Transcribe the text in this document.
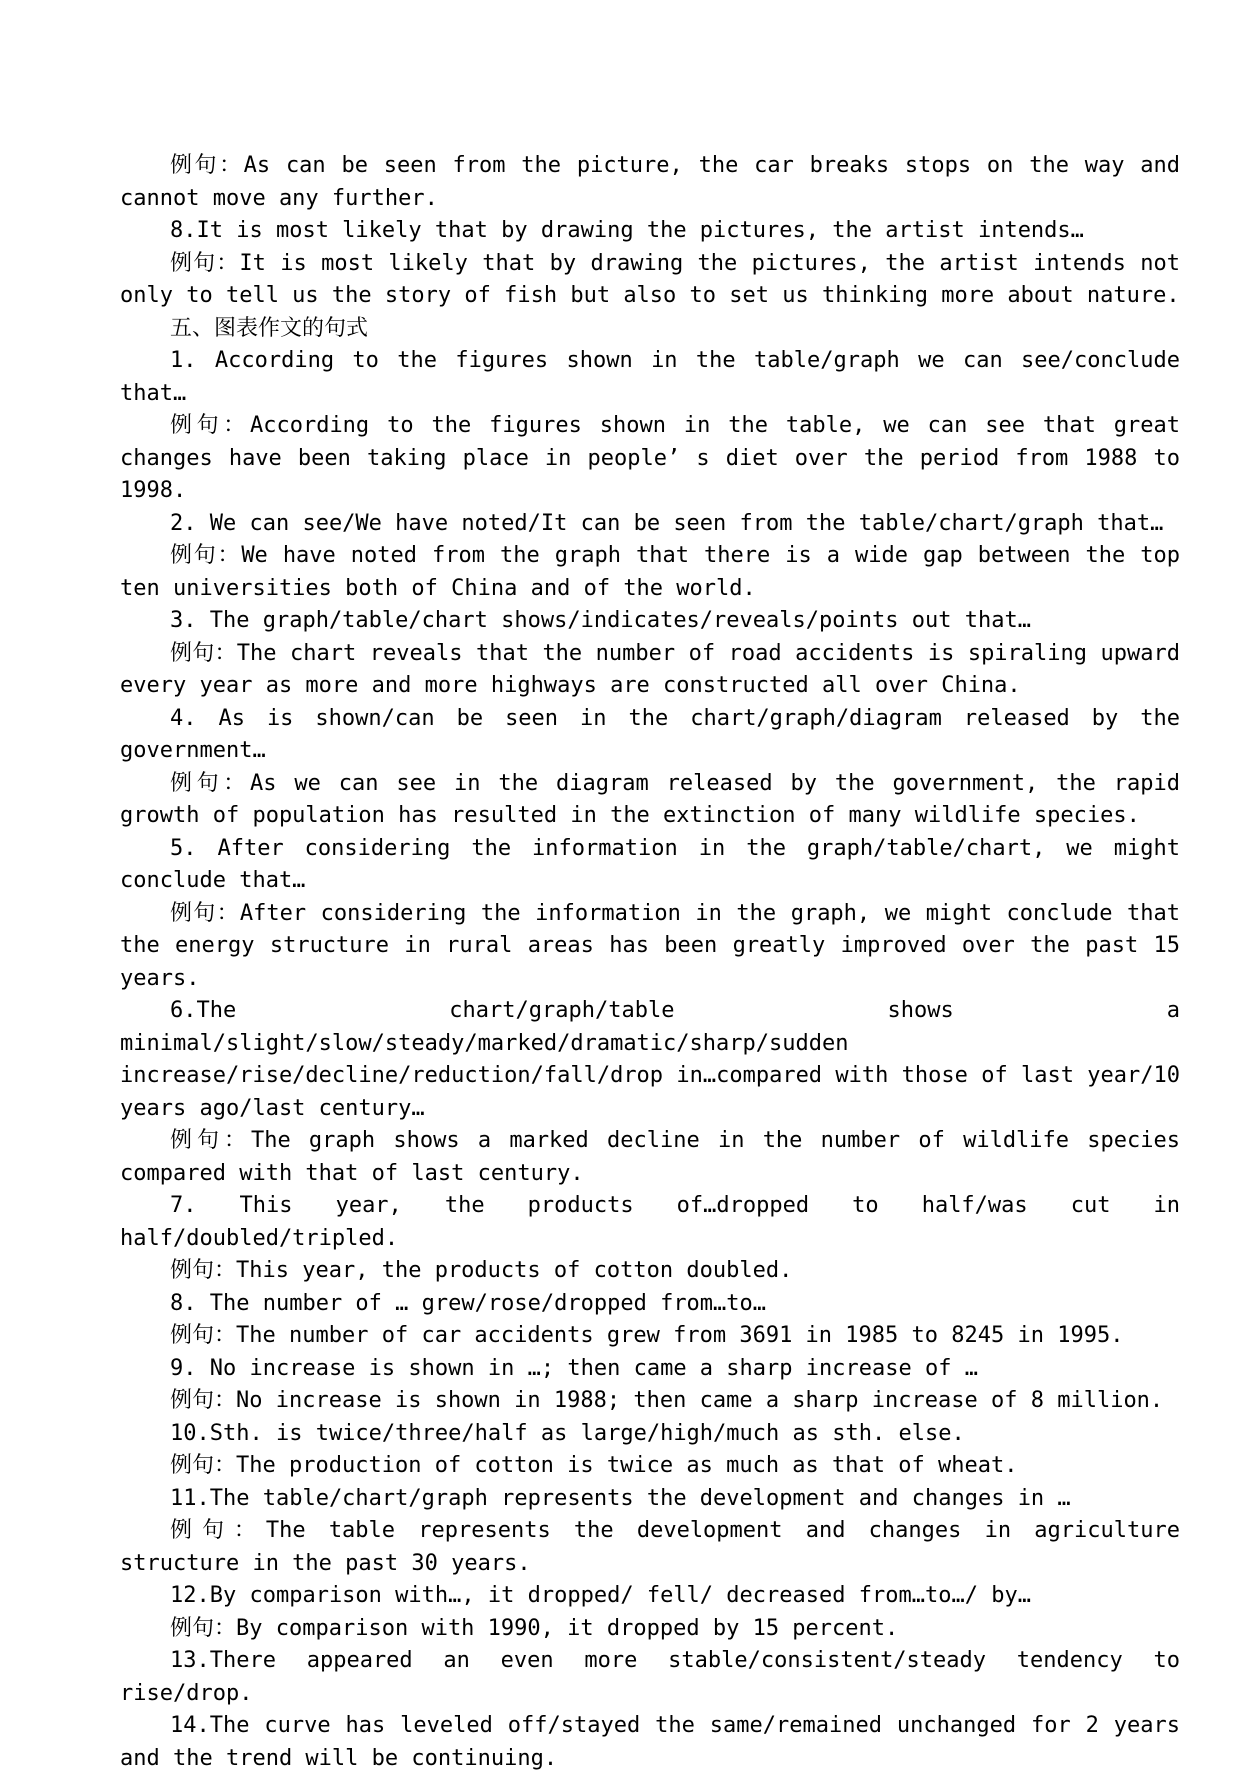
例句：As can be seen from the picture, the car breaks stops on the way and cannot move any further.

8.It is most likely that by drawing the pictures, the artist intends…

例句：It is most likely that by drawing the pictures, the artist intends not only to tell us the story of fish but also to set us thinking more about nature.

五、图表作文的句式

1. According to the figures shown in the table/graph we can see/conclude that…

例句：According to the figures shown in the table, we can see that great changes have been taking place in people’ s diet over the period from 1988 to 1998.

2. We can see/We have noted/It can be seen from the table/chart/graph that…

例句：We have noted from the graph that there is a wide gap between the top ten universities both of China and of the world.

3. The graph/table/chart shows/indicates/reveals/points out that…

例句：The chart reveals that the number of road accidents is spiraling upward every year as more and more highways are constructed all over China.

4. As is shown/can be seen in the chart/graph/diagram released by the government…

例句：As we can see in the diagram released by the government, the rapid growth of population has resulted in the extinction of many wildlife species.

5. After considering the information in the graph/table/chart, we might conclude that…

例句：After considering the information in the graph, we might conclude that the energy structure in rural areas has been greatly improved over the past 15 years.

6.The chart/graph/table shows a minimal/slight/slow/steady/marked/dramatic/sharp/sudden increase/rise/decline/reduction/fall/drop in…compared with those of last year/10 years ago/last century…

例句：The graph shows a marked decline in the number of wildlife species compared with that of last century.

7. This year, the products of…dropped to half/was cut in half/doubled/tripled.

例句：This year, the products of cotton doubled.

8. The number of … grew/rose/dropped from…to…

例句：The number of car accidents grew from 3691 in 1985 to 8245 in 1995.

9. No increase is shown in …; then came a sharp increase of …

例句：No increase is shown in 1988; then came a sharp increase of 8 million.

10.Sth. is twice/three/half as large/high/much as sth. else.

例句：The production of cotton is twice as much as that of wheat.

11.The table/chart/graph represents the development and changes in …

例句：The table represents the development and changes in agriculture structure in the past 30 years.

12.By comparison with…, it dropped/ fell/ decreased from…to…/ by…

例句：By comparison with 1990, it dropped by 15 percent.

13.There appeared an even more stable/consistent/steady tendency to rise/drop.

14.The curve has leveled off/stayed the same/remained unchanged for 2 years and the trend will be continuing.
